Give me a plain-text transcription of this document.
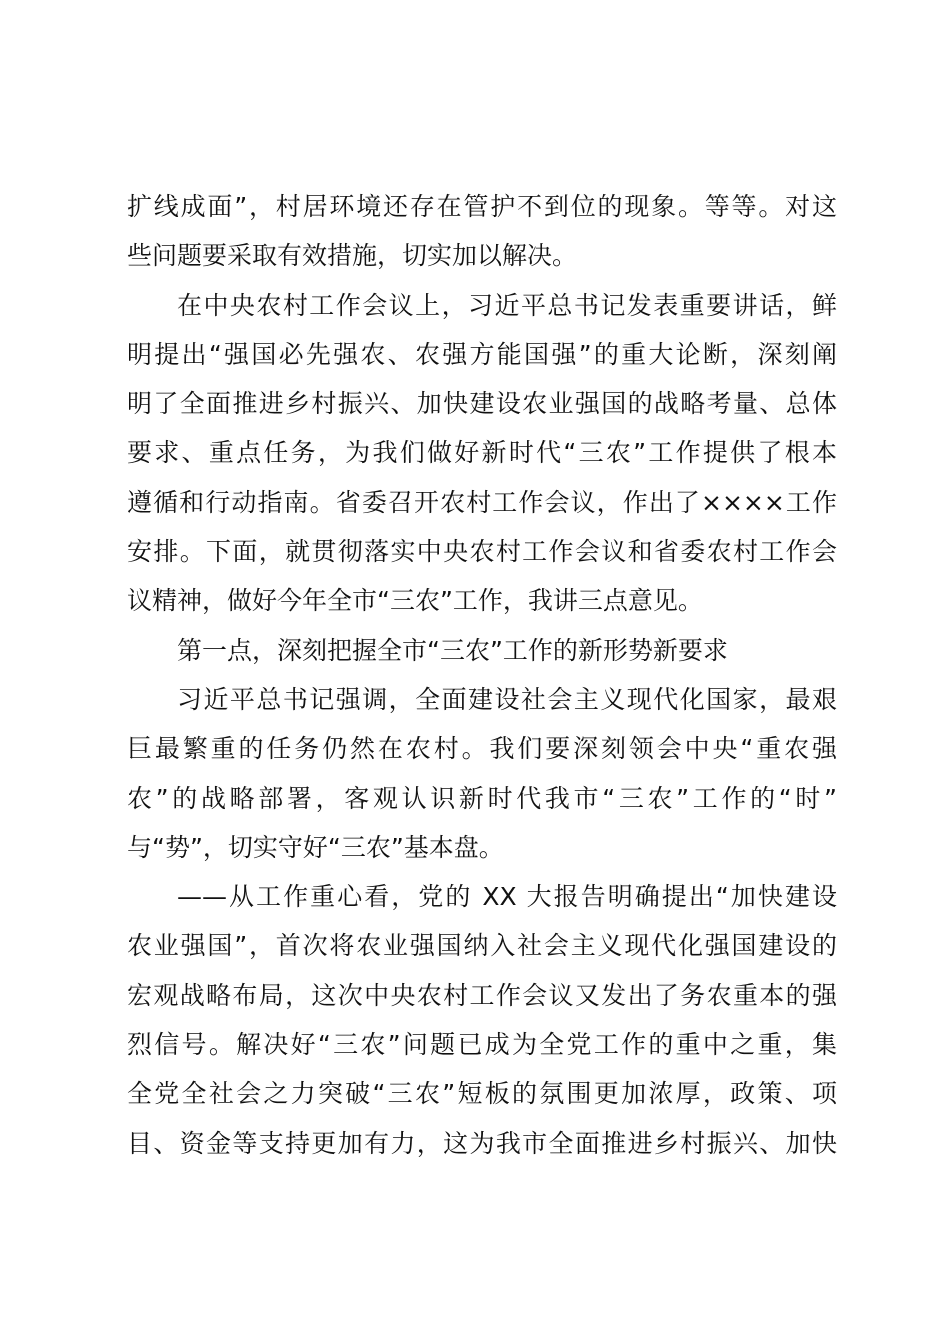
扩线成面”，村居环境还存在管护不到位的现象。等等。对这
些问题要采取有效措施，切实加以解决。
在中央农村工作会议上，习近平总书记发表重要讲话，鲜
明提出“强国必先强农、农强方能国强”的重大论断，深刻阐
明了全面推进乡村振兴、加快建设农业强国的战略考量、总体
要求、重点任务，为我们做好新时代“三农”工作提供了根本
遵循和行动指南。省委召开农村工作会议，作出了××××工作
安排。下面，就贯彻落实中央农村工作会议和省委农村工作会
议精神，做好今年全市“三农”工作，我讲三点意见。
第一点，深刻把握全市“三农”工作的新形势新要求
习近平总书记强调，全面建设社会主义现代化国家，最艰
巨最繁重的任务仍然在农村。我们要深刻领会中央“重农强
农”的战略部署，客观认识新时代我市“三农”工作的“时”
与“势”，切实守好“三农”基本盘。
——从工作重心看，党的 XX 大报告明确提出“加快建设
农业强国”，首次将农业强国纳入社会主义现代化强国建设的
宏观战略布局，这次中央农村工作会议又发出了务农重本的强
烈信号。解决好“三农”问题已成为全党工作的重中之重，集
全党全社会之力突破“三农”短板的氛围更加浓厚，政策、项
目、资金等支持更加有力，这为我市全面推进乡村振兴、加快
